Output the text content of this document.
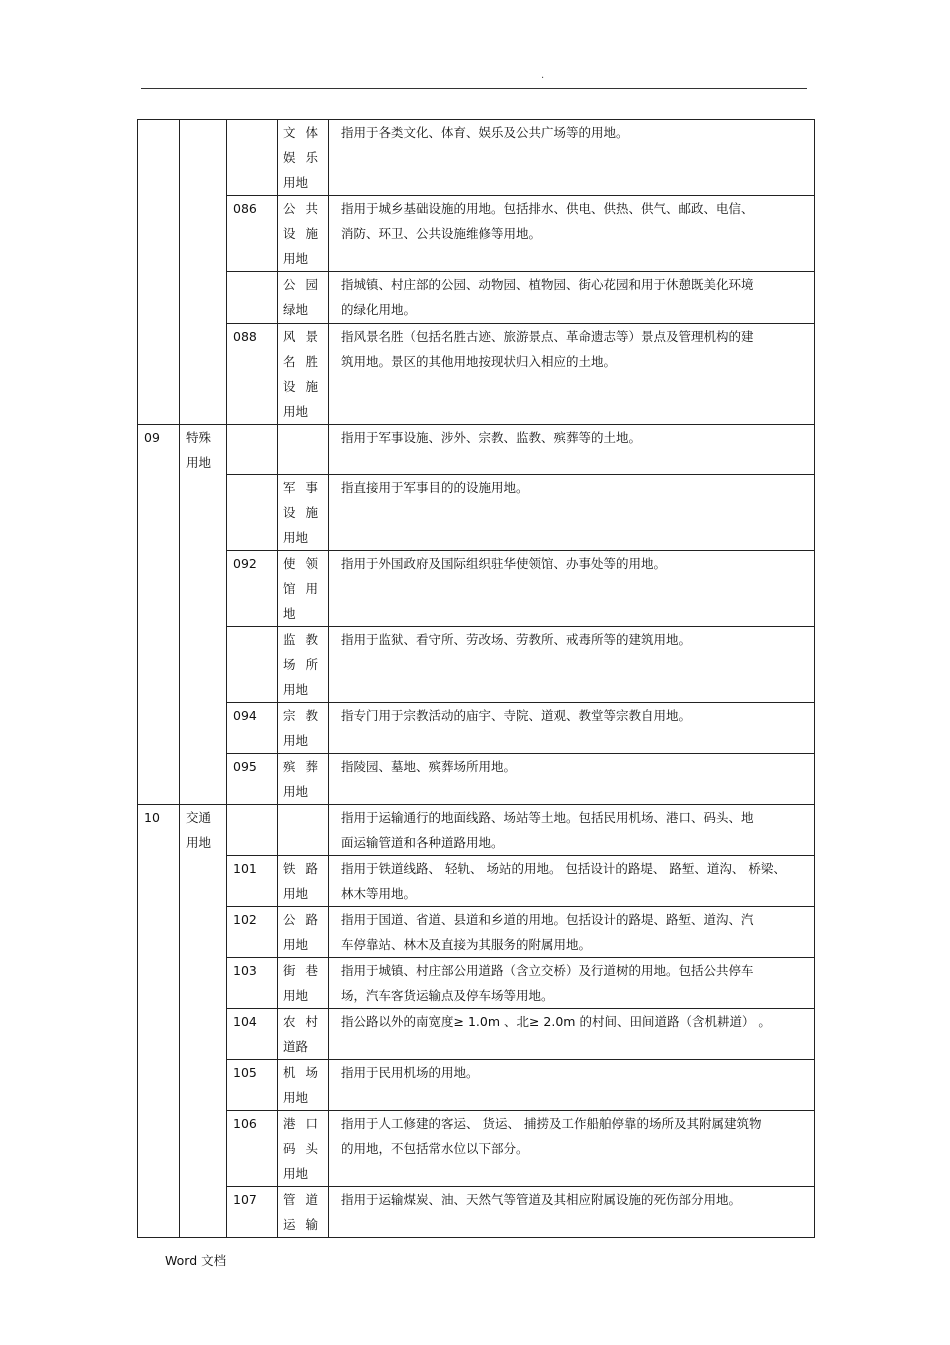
.

			文 体
娱 乐
用地	指用于各类文化、体育、娱乐及公共广场等的用地。

		086	公 共
设 施
用地	指用于城乡基础设施的用地。包括排水、供电、供热、供气、邮政、电信、
消防、环卫、公共设施维修等用地。

			公 园
绿地	指城镇、村庄部的公园、动物园、植物园、街心花园和用于休憩既美化环境
的绿化用地。

		088	风 景
名 胜
设 施
用地	指风景名胜（包括名胜古迹、旅游景点、革命遗志等）景点及管理机构的建
筑用地。景区的其他用地按现状归入相应的土地。

09	特殊
用地			指用于军事设施、涉外、宗教、监教、殡葬等的土地。

			军 事
设 施
用地	指直接用于军事目的的设施用地。

		092	使 领
馆 用
地	指用于外国政府及国际组织驻华使领馆、办事处等的用地。

			监 教
场 所
用地	指用于监狱、看守所、劳改场、劳教所、戒毒所等的建筑用地。

		094	宗 教
用地	指专门用于宗教活动的庙宇、寺院、道观、教堂等宗教自用地。

		095	殡 葬
用地	指陵园、墓地、殡葬场所用地。

10	交通
用地			指用于运输通行的地面线路、场站等土地。包括民用机场、港口、码头、地
面运输管道和各种道路用地。

		101	铁 路
用地	指用于铁道线路、 轻轨、 场站的用地。 包括设计的路堤、 路堑、道沟、 桥梁、
林木等用地。

		102	公 路
用地	指用于国道、省道、县道和乡道的用地。包括设计的路堤、路堑、道沟、汽
车停靠站、林木及直接为其服务的附属用地。

		103	街 巷
用地	指用于城镇、村庄部公用道路（含立交桥）及行道树的用地。包括公共停车
场，汽车客货运输点及停车场等用地。

		104	农 村
道路	指公路以外的南宽度≥ 1.0m 、北≥ 2.0m 的村间、田间道路（含机耕道） 。

		105	机 场
用地	指用于民用机场的用地。

		106	港 口
码 头
用地	指用于人工修建的客运、 货运、 捕捞及工作船舶停靠的场所及其附属建筑物
的用地，不包括常水位以下部分。

		107	管 道
运 输	指用于运输煤炭、油、天然气等管道及其相应附属设施的死伤部分用地。
Word 文档
